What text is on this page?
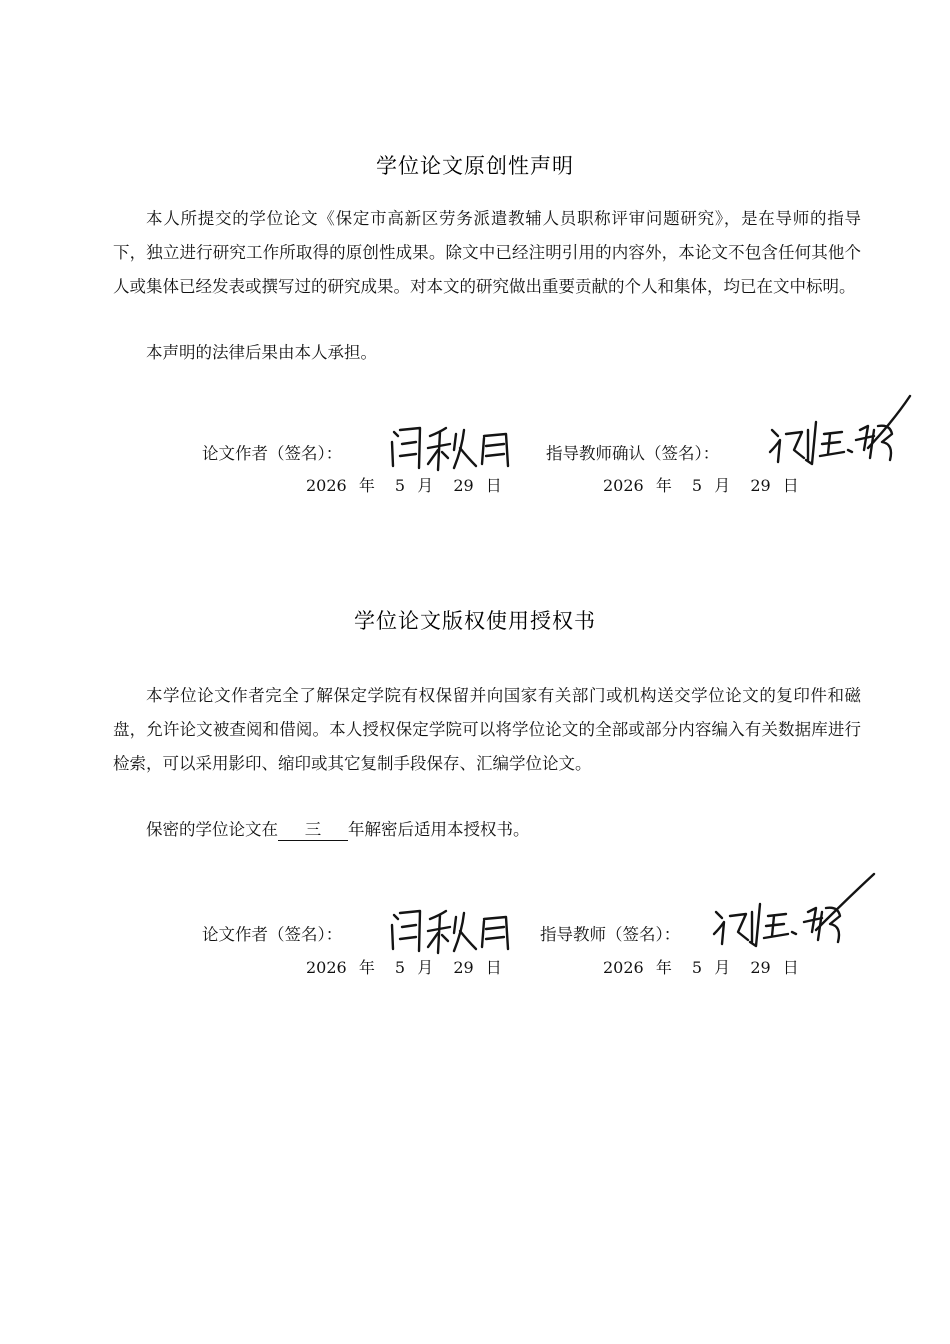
学位论文原创性声明

本人所提交的学位论文《保定市高新区劳务派遣教辅人员职称评审问题研究》，是在导师的指导下，独立进行研究工作所取得的原创性成果。除文中已经注明引用的内容外，本论文不包含任何其他个人或集体已经发表或撰写过的研究成果。对本文的研究做出重要贡献的个人和集体，均已在文中标明。

本声明的法律后果由本人承担。

论文作者（签名）：	指导教师确认（签名）：
2026 年 5 月 29 日	2026 年 5 月 29 日
学位论文版权使用授权书

本学位论文作者完全了解保定学院有权保留并向国家有关部门或机构送交学位论文的复印件和磁盘，允许论文被查阅和借阅。本人授权保定学院可以将学位论文的全部或部分内容编入有关数据库进行检索，可以采用影印、缩印或其它复制手段保存、汇编学位论文。

保密的学位论文在 三 年解密后适用本授权书。

论文作者（签名）：	指导教师（签名）：
2026 年 5 月 29 日	2026 年 5 月 29 日
